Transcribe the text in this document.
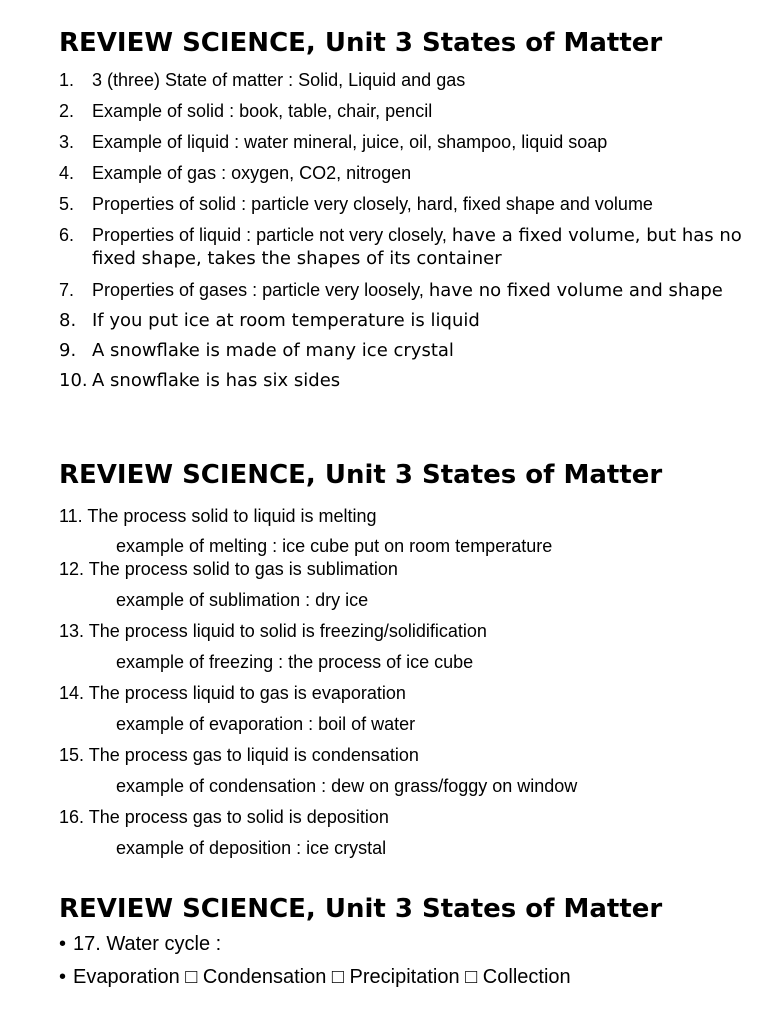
REVIEW SCIENCE, Unit 3 States of Matter
1. 3 (three) State of matter : Solid, Liquid and gas
2. Example of solid : book, table, chair, pencil
3. Example of liquid : water mineral, juice, oil, shampoo, liquid soap
4. Example of gas : oxygen, CO2, nitrogen
5. Properties of solid : particle very closely, hard, fixed shape and volume
6. Properties of liquid : particle not very closely, have a fixed volume, but has no fixed shape, takes the shapes of its container
7. Properties of gases : particle very loosely, have no fixed volume and shape
8. If you put ice at room temperature is liquid
9. A snowflake is made of many ice crystal
10. A snowflake is has six sides
REVIEW SCIENCE, Unit 3 States of Matter
11. The process solid to liquid is melting
example of melting : ice cube put on room temperature
12. The process solid to gas is sublimation
example of sublimation : dry ice
13. The process liquid to solid is freezing/solidification
example of freezing : the process of ice cube
14. The process liquid to gas is evaporation
example of evaporation : boil of water
15. The process gas to liquid is condensation
example of condensation : dew on grass/foggy on window
16. The process gas to solid is deposition
example of deposition : ice crystal
REVIEW SCIENCE, Unit 3 States of Matter
• 17. Water cycle :
• Evaporation □ Condensation □ Precipitation □ Collection
